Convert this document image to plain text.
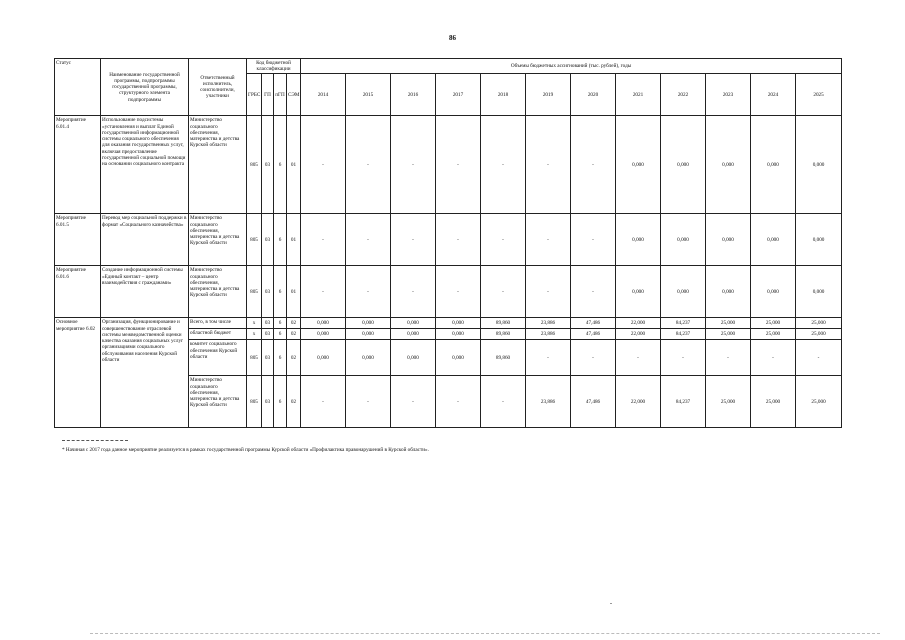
86
Статус	Наименование государственной программы, подпрограммы государственной программы, структурного элемента подпрограммы	Ответственный исполнитель, соисполнители, участники	Код бюджетной классификации				Объемы бюджетных ассигнований (тыс. рублей), годы											
			ГРБС	ГП	пГП	СЭМ	2014	2015	2016	2017	2018	2019	2020	2021	2022	2023	2024	2025
Мероприятие 6.01.4	Использование подсистемы «установления и выплат Единой государственной информационной системы социального обеспечения для оказания государственных услуг, включая предоставление государственной социальной помощи на основании социального контракта	Министерство социального обеспечения, материнства и детства Курской области	805	03	6	01	-	-	-	-	-	-	-	0,000	0,000	0,000	0,000	0,000
Мероприятие 6.01.5	Перевод мер социальной поддержки в формат «Социального казначейства»	Министерство социального обеспечения, материнства и детства Курской области	805	03	6	01	-	-	-	-	-	-	-	0,000	0,000	0,000	0,000	0,000
Мероприятие 6.01.6	Создание информационной системы «Единый контакт – центр взаимодействия с гражданами»	Министерство социального обеспечения, материнства и детства Курской области	805	03	6	01	-	-	-	-	-	-	-	0,000	0,000	0,000	0,000	0,000
Основное мероприятие 6.02	Организация, функционирование и совершенствование отраслевой системы межведомственной оценки качества оказания социальных услуг организациями социального обслуживания населения Курской области	Всего, в том числе	x	03	6	02	0,000	0,000	0,000	0,000	89,860	23,886	47,486	22,000	84,237	25,000	25,000	25,000
		областной бюджет	x	03	6	02	0,000	0,000	0,000	0,000	89,860	23,886	47,486	22,000	84,237	25,000	25,000	25,000
		комитет социального обеспечения Курской области	805	03	6	02	0,000	0,000	0,000	0,000	89,860	-	-	-	-	-	-	-
		Министерство социального обеспечения, материнства и детства Курской области	805	03	6	02	-	-	-	-	-	23,886	47,486	22,000	84,237	25,000	25,000	25,000
* Начиная с 2017 года данное мероприятие реализуется в рамках государственной программы Курской области «Профилактика правонарушений в Курской области».
